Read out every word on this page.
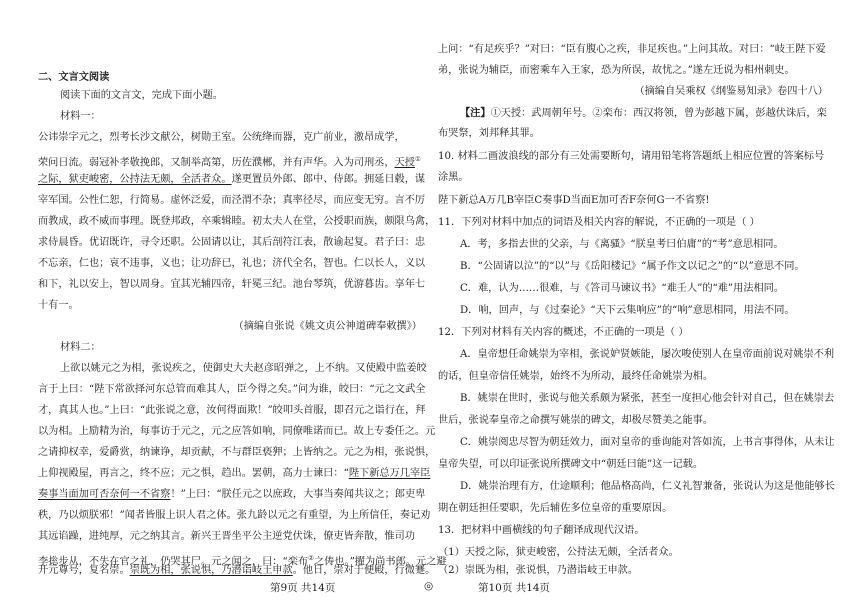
二、文言文阅读
阅读下面的文言文，完成下面小题。
材料一：
公讳崇字元之，烈考长沙文献公，树勋王室。公统绛而器，克广前业，激昂成学，
荣问日流。弱冠补孝敬挽郎，又制举高第，历佐濮郴，并有声华。入为司刑丞，天授①
之际，狱吏峻密，公持法无颇，全活者众。遂更置员外郎、郎中、侍郎。拥延日毂，谋
宰军国。公性仁恕，行简易。虚怀泛爱，而泾渭不杂；真率径尽，而应变无穷。言不厉
而教成，政不威而事理。既登邦政，卒乘辑睦。初太夫人在堂，公授职而族，颇限乌禽，
求侍晨昏。优诏既许，寻令还职。公固请以让，其后剖符江表，散谕起复。君子曰：忠
不忘亲，仁也；哀不违事，义也；让功辞已，礼也；济代全名，智也。仁以长人，义以
和下，礼以安上，智以周身。宜其光辅四帝，轩冕三纪。池台琴筑，优游暮齿。享年七
十有一。
（摘编自张说《姚文贞公神道碑奉敕撰》）
材料二：
上欲以姚元之为相，张说疾之，使御史大夫赵彦昭弹之，上不纳。又使殿中监姜皎
言于上曰：“陛下常欲择河东总管而难其人，臣今得之矣。”问为谁，皎曰：“元之文武全
才，真其人也。”上曰：“此张说之意，汝何得面欺！”皎叩头首服，即召元之诣行在，拜
以为相。上励精为治，每事访于元之，元之应答如响，同僚唯诺而已。故上专委任之。元
之请抑权幸，爱爵赏，纳谏诤，却贡献，不与群臣亵狎；上皆纳之。元之为相，张说惧，
上仰视殿屋，再言之，终不应；元之惧，趋出。罢朝，高力士谏曰：“陛下新总万几宰臣
奏事当面加可否奈何一不省察！”上曰：“朕任元之以庶政，大事当奏闻共议之；郎吏卑
秩，乃以烦朕邪！”闻者皆服上识人君之体。张九龄以元之有重望，为上所信任，奏记劝
其远谄躁，进纯厚，元之纳其言。新兴王晋坐平公主逆党伏诛，僚吏皆奔散，惟司功
李捴步从，不失在官之礼，仍哭其尸。元之闻之，曰：“栾布②之俦也。”擢为尚书郎。元之避
开元尊号，复名崇。崇既为相，张说惧，乃潜诣岐王申款。他日，崇对于便殿，行微蹇。
上问：“有足疾乎？”对曰：“臣有腹心之疾，非足疾也。”上问其故。对曰：“岐王陛下爱
弟，张说为辅臣，而密乘车入王家，恐为所误，故忧之。”遂左迁说为相州刺史。
（摘编自吴乘权《纲鉴易知录》卷四十八）
【注】①天授：武周朝年号。②栾布：西汉将领，曾为彭越下属，彭越伏诛后，栾
布哭祭，刘邦释其罪。
10. 材料二画波浪线的部分有三处需要断句，请用铅笔将答题纸上相应位置的答案标号
涂黑。
陛下新总A万几B宰臣C奏事D当面E加可否F奈何G一不省察!
11．下列对材料中加点的词语及相关内容的解说，不正确的一项是（ ）
A．考，多指去世的父亲，与《离骚》“朕皇考曰伯庸”的“考”意思相同。
B．“公固请以泣”的“以”与《岳阳楼记》“属予作文以记之”的“以”意思不同。
C．难，认为……很难，与《答司马谏议书》“难壬人”的“难”用法相同。
D．响，回声，与《过秦论》“天下云集响应”的“响”意思相同，用法不同。
12．下列对材料有关内容的概述，不正确的一项是（ ）
A．皇帝想任命姚崇为宰相，张说妒贤嫉能，屡次唆使别人在皇帝面前说对姚崇不利
的话，但皇帝信任姚崇，始终不为所动，最终任命姚崇为相。
B．姚崇在世时，张说与他关系颇为紧张，甚至一度担心他会针对自己，但在姚崇去
世后，张说奉皇帝之命撰写姚崇的碑文，却极尽赞美之能事。
C．姚崇阅忠尽智为朝廷效力，面对皇帝的垂询能对答如流，上书言事得体，从未让
皇帝失望，可以印证张说所撰碑文中“朝廷曰能”这一记载。
D．姚崇治理有方，仕途顺利；他品格高尚，仁义礼智兼备，张说认为这是他能够长
期在朝廷担任要职，先后辅佐多位皇帝的重要原因。
13．把材料中画横线的句子翻译成现代汉语。
（1）天授之际，狱吏峻密，公持法无颇，全活者众。
（2）崇既为相，张说惧，乃潜诣岐王申款。
第9页 共14页	◎	第10页 共14页
